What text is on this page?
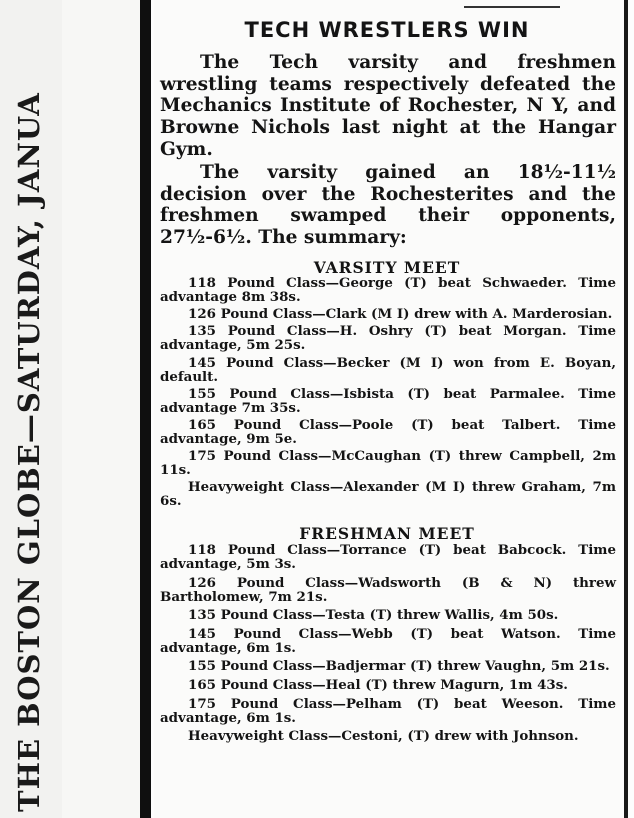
THE BOSTON GLOBE—SATURDAY, JANUA
TECH WRESTLERS WIN

The Tech varsity and freshmen wrestling teams respectively defeated the Mechanics Institute of Rochester, N Y, and Browne Nichols last night at the Hangar Gym.

The varsity gained an 18½-11½ decision over the Rochesterites and the freshmen swamped their opponents, 27½-6½. The summary:

VARSITY MEET
118 Pound Class—George (T) beat Schwaeder. Time advantage 8m 38s.
126 Pound Class—Clark (M I) drew with A. Marderosian.
135 Pound Class—H. Oshry (T) beat Morgan. Time advantage, 5m 25s.
145 Pound Class—Becker (M I) won from E. Boyan, default.
155 Pound Class—Isbista (T) beat Parmalee. Time advantage 7m 35s.
165 Pound Class—Poole (T) beat Talbert. Time advantage, 9m 5e.
175 Pound Class—McCaughan (T) threw Campbell, 2m 11s.
Heavyweight Class—Alexander (M I) threw Graham, 7m 6s.
FRESHMAN MEET
118 Pound Class—Torrance (T) beat Babcock. Time advantage, 5m 3s.
126 Pound Class—Wadsworth (B & N) threw Bartholomew, 7m 21s.
135 Pound Class—Testa (T) threw Wallis, 4m 50s.
145 Pound Class—Webb (T) beat Watson. Time advantage, 6m 1s.
155 Pound Class—Badjermar (T) threw Vaughn, 5m 21s.
165 Pound Class—Heal (T) threw Magurn, 1m 43s.
175 Pound Class—Pelham (T) beat Weeson. Time advantage, 6m 1s.
Heavyweight Class—Cestoni, (T) drew with Johnson.
